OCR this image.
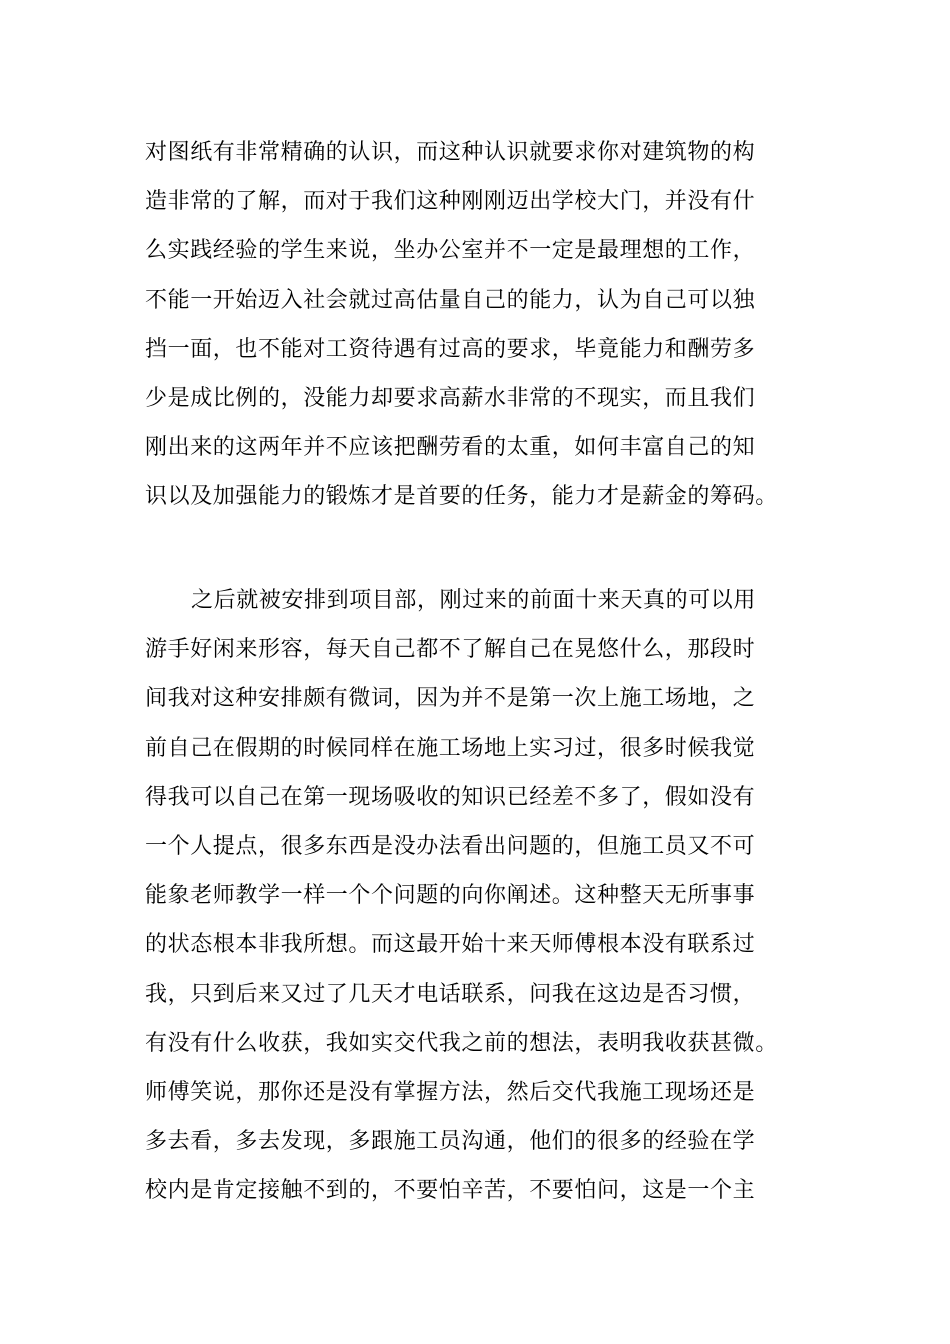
对图纸有非常精确的认识，而这种认识就要求你对建筑物的构
造非常的了解，而对于我们这种刚刚迈出学校大门，并没有什
么实践经验的学生来说，坐办公室并不一定是最理想的工作，
不能一开始迈入社会就过高估量自己的能力，认为自己可以独
挡一面，也不能对工资待遇有过高的要求，毕竟能力和酬劳多
少是成比例的，没能力却要求高薪水非常的不现实，而且我们
刚出来的这两年并不应该把酬劳看的太重，如何丰富自己的知
识以及加强能力的锻炼才是首要的任务，能力才是薪金的筹码。
之后就被安排到项目部，刚过来的前面十来天真的可以用
游手好闲来形容，每天自己都不了解自己在晃悠什么，那段时
间我对这种安排颇有微词，因为并不是第一次上施工场地，之
前自己在假期的时候同样在施工场地上实习过，很多时候我觉
得我可以自己在第一现场吸收的知识已经差不多了，假如没有
一个人提点，很多东西是没办法看出问题的，但施工员又不可
能象老师教学一样一个个问题的向你阐述。这种整天无所事事
的状态根本非我所想。而这最开始十来天师傅根本没有联系过
我，只到后来又过了几天才电话联系，问我在这边是否习惯，
有没有什么收获，我如实交代我之前的想法，表明我收获甚微。
师傅笑说，那你还是没有掌握方法，然后交代我施工现场还是
多去看，多去发现，多跟施工员沟通，他们的很多的经验在学
校内是肯定接触不到的，不要怕辛苦，不要怕问，这是一个主
